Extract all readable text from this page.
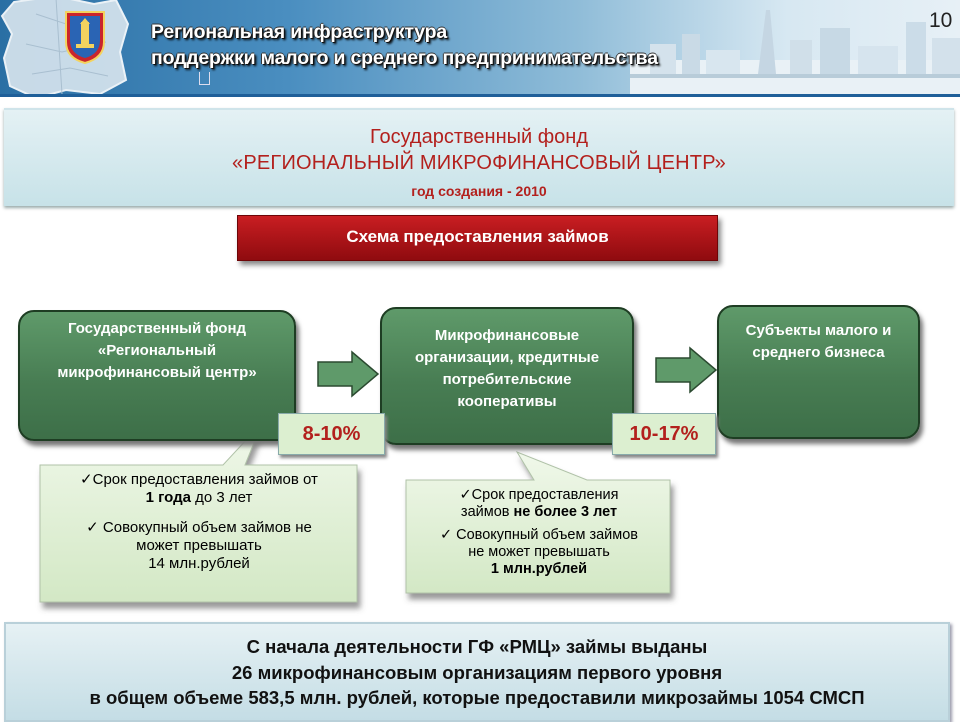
Региональная инфраструктура
поддержки малого и среднего предпринимательства
10
Государственный фонд
«РЕГИОНАЛЬНЫЙ МИКРОФИНАНСОВЫЙ ЦЕНТР»
год создания - 2010
Схема предоставления займов
Государственный фонд «Региональный микрофинансовый центр»
Микрофинансовые организации, кредитные потребительские кооперативы
Субъекты малого и среднего бизнеса
8-10%	10-17%
✓Срок предоставления займов от
1 года до 3 лет
✓ Совокупный объем займов не
может превышать
14 млн.рублей
✓Срок предоставления
займов не более 3 лет
✓ Совокупный объем займов
не может превышать
1 млн.рублей
С начала деятельности ГФ «РМЦ» займы выданы
26 микрофинансовым организациям первого уровня
в общем объеме 583,5 млн. рублей, которые предоставили микрозаймы 1054 СМСП
